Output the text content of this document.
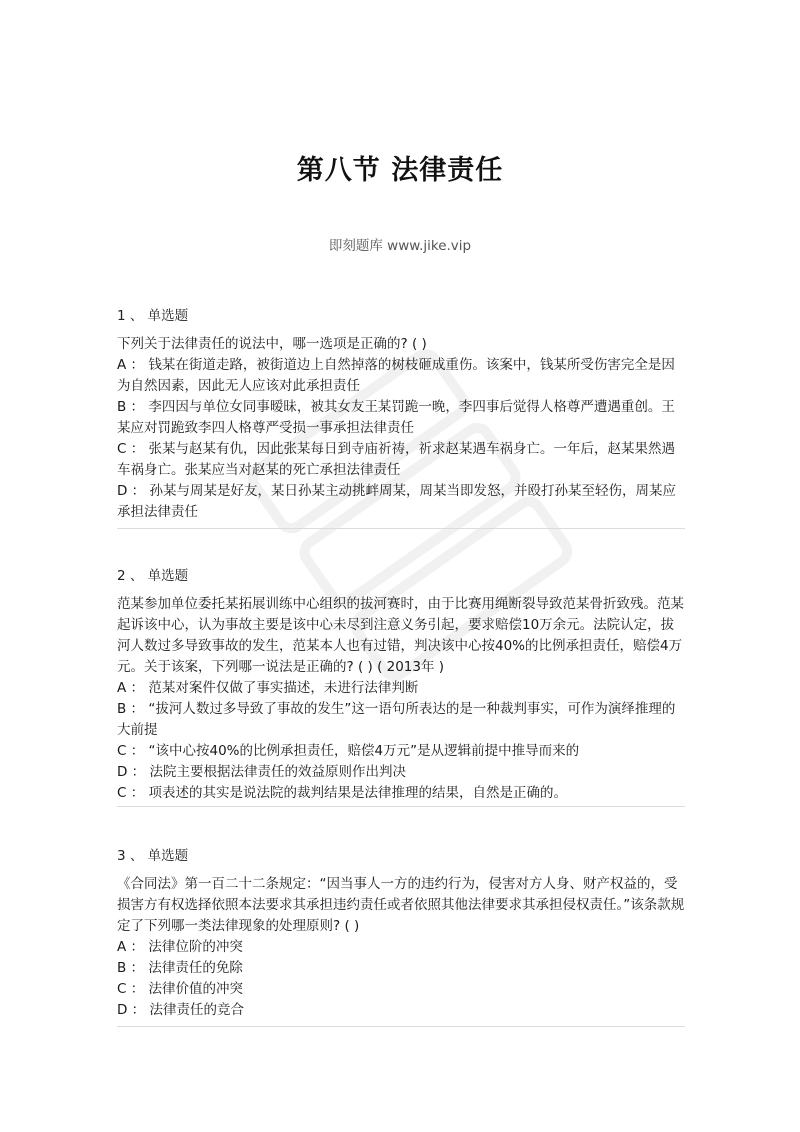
第八节 法律责任
即刻题库 www.jike.vip
1 、 单选题
下列关于法律责任的说法中，哪一选项是正确的? ( )
A ： 钱某在街道走路，被街道边上自然掉落的树枝砸成重伤。该案中，钱某所受伤害完全是因为自然因素，因此无人应该对此承担责任
B ： 李四因与单位女同事暧昧，被其女友王某罚跪一晚，李四事后觉得人格尊严遭遇重创。王某应对罚跪致李四人格尊严受损一事承担法律责任
C ： 张某与赵某有仇，因此张某每日到寺庙祈祷，祈求赵某遇车祸身亡。一年后，赵某果然遇车祸身亡。张某应当对赵某的死亡承担法律责任
D ： 孙某与周某是好友，某日孙某主动挑衅周某，周某当即发怒，并殴打孙某至轻伤，周某应承担法律责任
2 、 单选题
范某参加单位委托某拓展训练中心组织的拔河赛时，由于比赛用绳断裂导致范某骨折致残。范某起诉该中心，认为事故主要是该中心未尽到注意义务引起，要求赔偿10万余元。法院认定，拔河人数过多导致事故的发生，范某本人也有过错，判决该中心按40%的比例承担责任，赔偿4万元。关于该案，下列哪一说法是正确的? ( ) ( 2013年 )
A ： 范某对案件仅做了事实描述，未进行法律判断
B ： “拔河人数过多导致了事故的发生”这一语句所表达的是一种裁判事实，可作为演绎推理的大前提
C ： “该中心按40%的比例承担责任，赔偿4万元”是从逻辑前提中推导而来的
D ： 法院主要根据法律责任的效益原则作出判决
C ： 项表述的其实是说法院的裁判结果是法律推理的结果，自然是正确的。
3 、 单选题
《合同法》第一百二十二条规定：“因当事人一方的违约行为，侵害对方人身、财产权益的，受损害方有权选择依照本法要求其承担违约责任或者依照其他法律要求其承担侵权责任。”该条款规定了下列哪一类法律现象的处理原则? ( )
A ： 法律位阶的冲突
B ： 法律责任的免除
C ： 法律价值的冲突
D ： 法律责任的竞合
